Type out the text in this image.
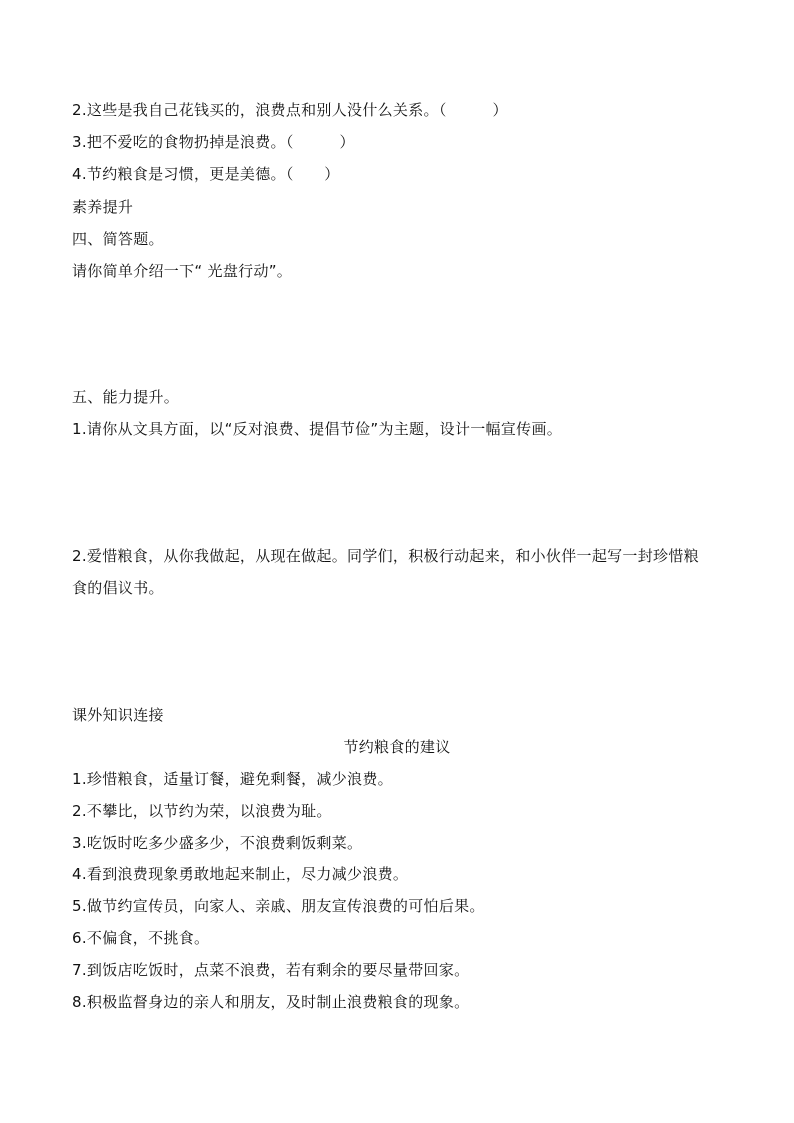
2.这些是我自己花钱买的，浪费点和别人没什么关系。（　　　）
3.把不爱吃的食物扔掉是浪费。（　　　）
4.节约粮食是习惯，更是美德。（　　）
素养提升
四、简答题。
请你简单介绍一下“ 光盘行动”。
五、能力提升。
1.请你从文具方面，以“反对浪费、提倡节俭”为主题，设计一幅宣传画。
2.爱惜粮食，从你我做起，从现在做起。同学们，积极行动起来，和小伙伴一起写一封珍惜粮
食的倡议书。
课外知识连接
节约粮食的建议
1.珍惜粮食，适量订餐，避免剩餐，减少浪费。
2.不攀比，以节约为荣，以浪费为耻。
3.吃饭时吃多少盛多少，不浪费剩饭剩菜。
4.看到浪费现象勇敢地起来制止，尽力减少浪费。
5.做节约宣传员，向家人、亲戚、朋友宣传浪费的可怕后果。
6.不偏食，不挑食。
7.到饭店吃饭时，点菜不浪费，若有剩余的要尽量带回家。
8.积极监督身边的亲人和朋友，及时制止浪费粮食的现象。
